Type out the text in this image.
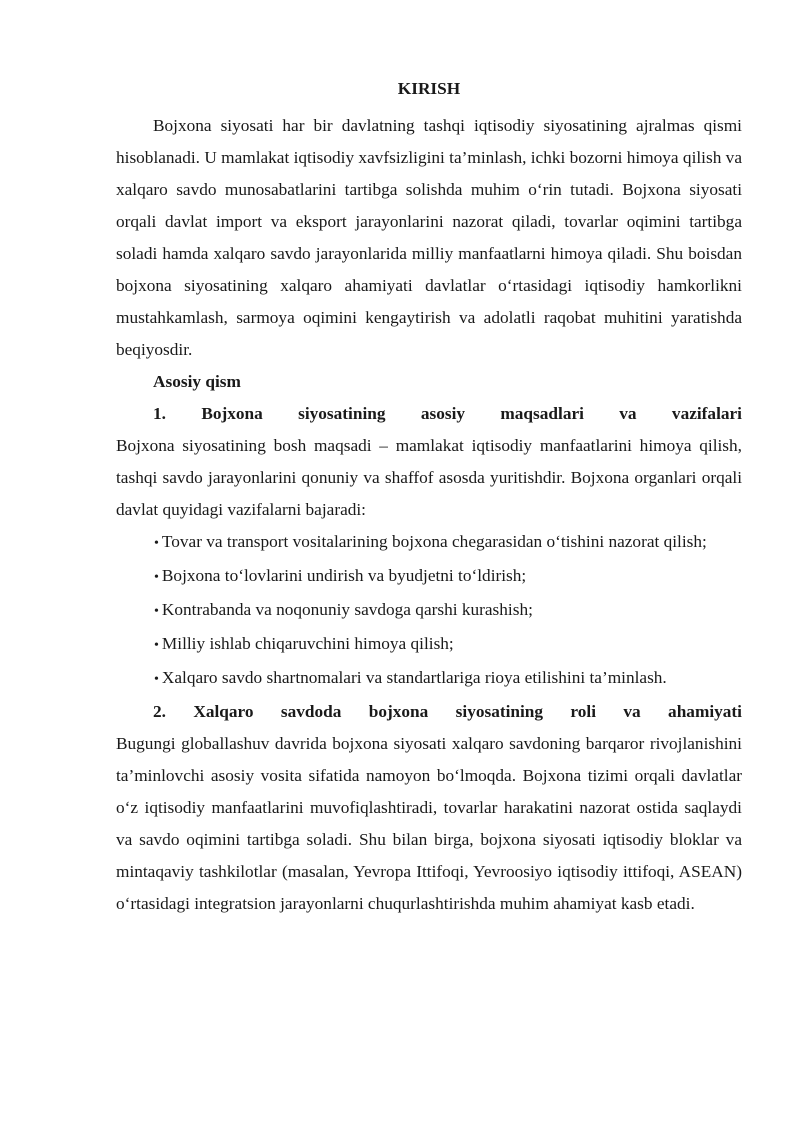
KIRISH

Bojxona siyosati har bir davlatning tashqi iqtisodiy siyosatining ajralmas qismi hisoblanadi. U mamlakat iqtisodiy xavfsizligini ta’minlash, ichki bozorni himoya qilish va xalqaro savdo munosabatlarini tartibga solishda muhim o‘rin tutadi. Bojxona siyosati orqali davlat import va eksport jarayonlarini nazorat qiladi, tovarlar oqimini tartibga soladi hamda xalqaro savdo jarayonlarida milliy manfaatlarni himoya qiladi. Shu boisdan bojxona siyosatining xalqaro ahamiyati davlatlar o‘rtasidagi iqtisodiy hamkorlikni mustahkamlash, sarmoya oqimini kengaytirish va adolatli raqobat muhitini yaratishda beqiyosdir.

Asosiy qism

1. Bojxona siyosatining asosiy maqsadlari va vazifalari

Bojxona siyosatining bosh maqsadi – mamlakat iqtisodiy manfaatlarini himoya qilish, tashqi savdo jarayonlarini qonuniy va shaffof asosda yuritishdir. Bojxona organlari orqali davlat quyidagi vazifalarni bajaradi:

• Tovar va transport vositalarining bojxona chegarasidan o‘tishini nazorat qilish;
• Bojxona to‘lovlarini undirish va byudjetni to‘ldirish;
• Kontrabanda va noqonuniy savdoga qarshi kurashish;
• Milliy ishlab chiqaruvchini himoya qilish;
• Xalqaro savdo shartnomalari va standartlariga rioya etilishini ta’minlash.

2. Xalqaro savdoda bojxona siyosatining roli va ahamiyati

Bugungi globallashuv davrida bojxona siyosati xalqaro savdoning barqaror rivojlanishini ta’minlovchi asosiy vosita sifatida namoyon bo‘lmoqda. Bojxona tizimi orqali davlatlar o‘z iqtisodiy manfaatlarini muvofiqlashtiradi, tovarlar harakatini nazorat ostida saqlaydi va savdo oqimini tartibga soladi. Shu bilan birga, bojxona siyosati iqtisodiy bloklar va mintaqaviy tashkilotlar (masalan, Yevropa Ittifoqi, Yevroosiyo iqtisodiy ittifoqi, ASEAN) o‘rtasidagi integratsion jarayonlarni chuqurlashtirishda muhim ahamiyat kasb etadi.
